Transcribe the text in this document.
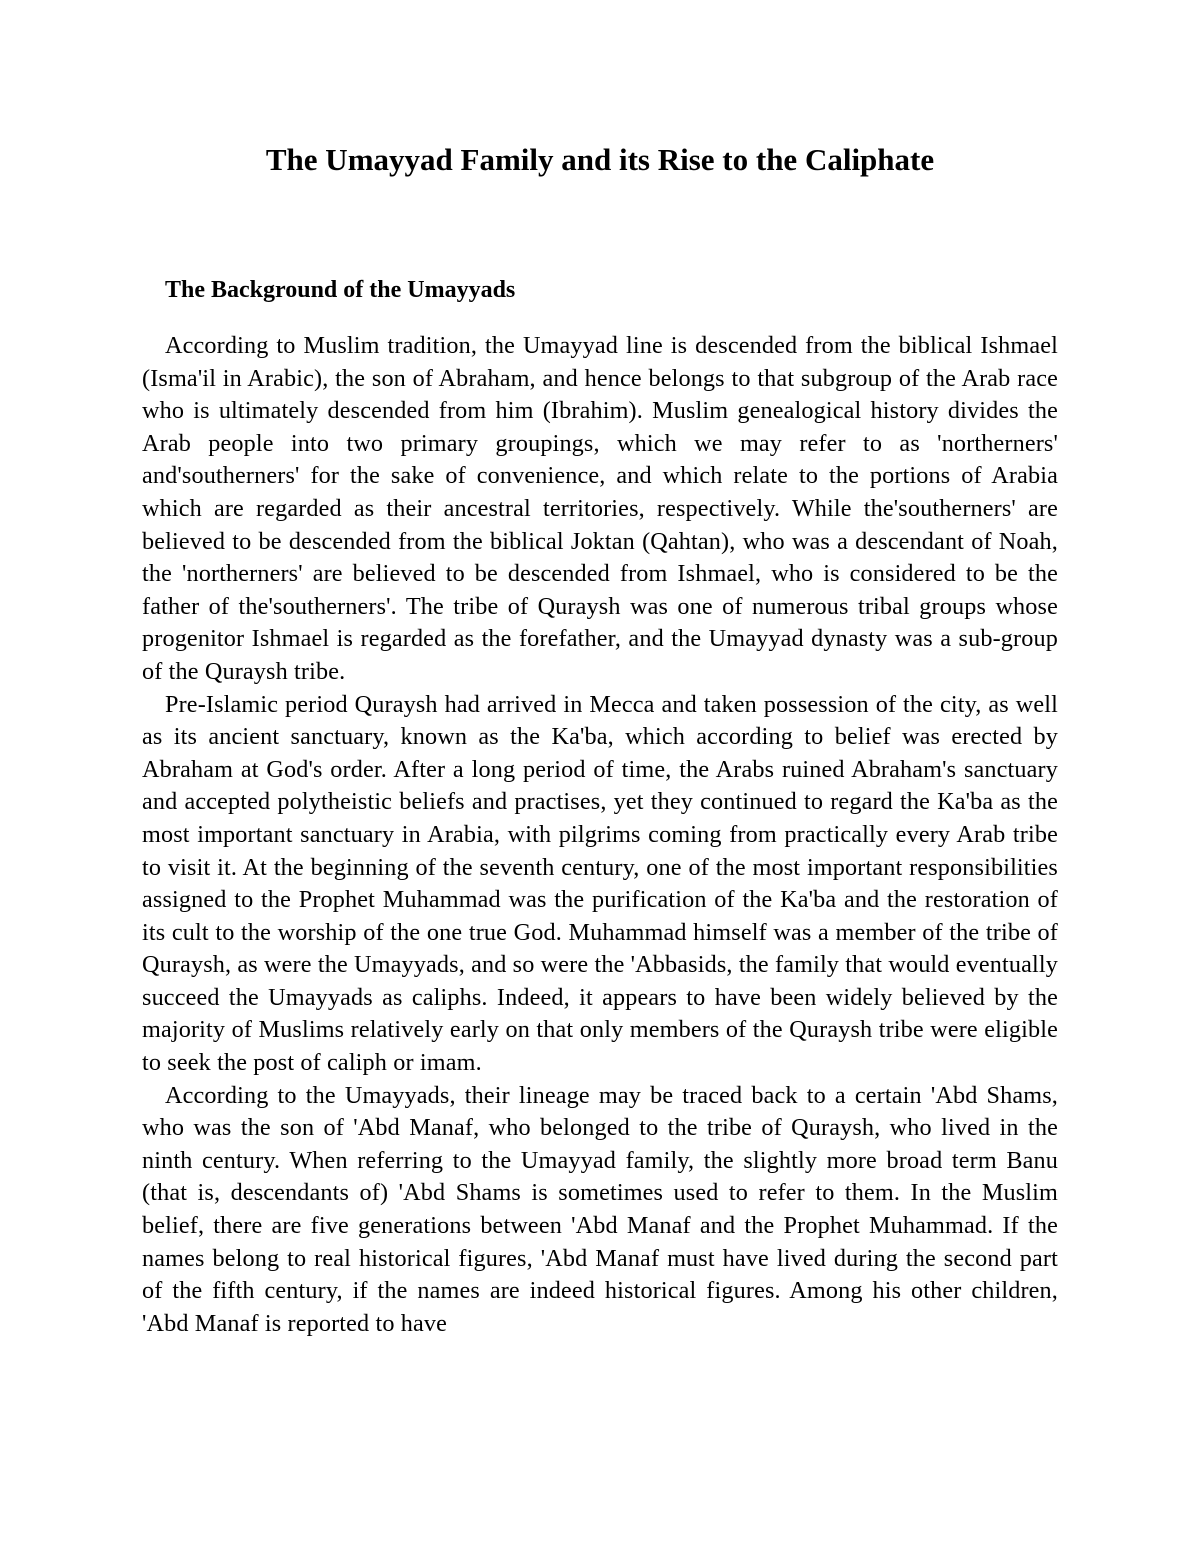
The Umayyad Family and its Rise to the Caliphate
The Background of the Umayyads

According to Muslim tradition, the Umayyad line is descended from the biblical Ishmael (Isma'il in Arabic), the son of Abraham, and hence belongs to that subgroup of the Arab race who is ultimately descended from him (Ibrahim). Muslim genealogical history divides the Arab people into two primary groupings, which we may refer to as 'northerners' and'southerners' for the sake of convenience, and which relate to the portions of Arabia which are regarded as their ancestral territories, respectively. While the'southerners' are believed to be descended from the biblical Joktan (Qahtan), who was a descendant of Noah, the 'northerners' are believed to be descended from Ishmael, who is considered to be the father of the'southerners'. The tribe of Quraysh was one of numerous tribal groups whose progenitor Ishmael is regarded as the forefather, and the Umayyad dynasty was a sub-group of the Quraysh tribe.

Pre-Islamic period Quraysh had arrived in Mecca and taken possession of the city, as well as its ancient sanctuary, known as the Ka'ba, which according to belief was erected by Abraham at God's order. After a long period of time, the Arabs ruined Abraham's sanctuary and accepted polytheistic beliefs and practises, yet they continued to regard the Ka'ba as the most important sanctuary in Arabia, with pilgrims coming from practically every Arab tribe to visit it. At the beginning of the seventh century, one of the most important responsibilities assigned to the Prophet Muhammad was the purification of the Ka'ba and the restoration of its cult to the worship of the one true God. Muhammad himself was a member of the tribe of Quraysh, as were the Umayyads, and so were the 'Abbasids, the family that would eventually succeed the Umayyads as caliphs. Indeed, it appears to have been widely believed by the majority of Muslims relatively early on that only members of the Quraysh tribe were eligible to seek the post of caliph or imam.

According to the Umayyads, their lineage may be traced back to a certain 'Abd Shams, who was the son of 'Abd Manaf, who belonged to the tribe of Quraysh, who lived in the ninth century. When referring to the Umayyad family, the slightly more broad term Banu (that is, descendants of) 'Abd Shams is sometimes used to refer to them. In the Muslim belief, there are five generations between 'Abd Manaf and the Prophet Muhammad. If the names belong to real historical figures, 'Abd Manaf must have lived during the second part of the fifth century, if the names are indeed historical figures. Among his other children, 'Abd Manaf is reported to have
